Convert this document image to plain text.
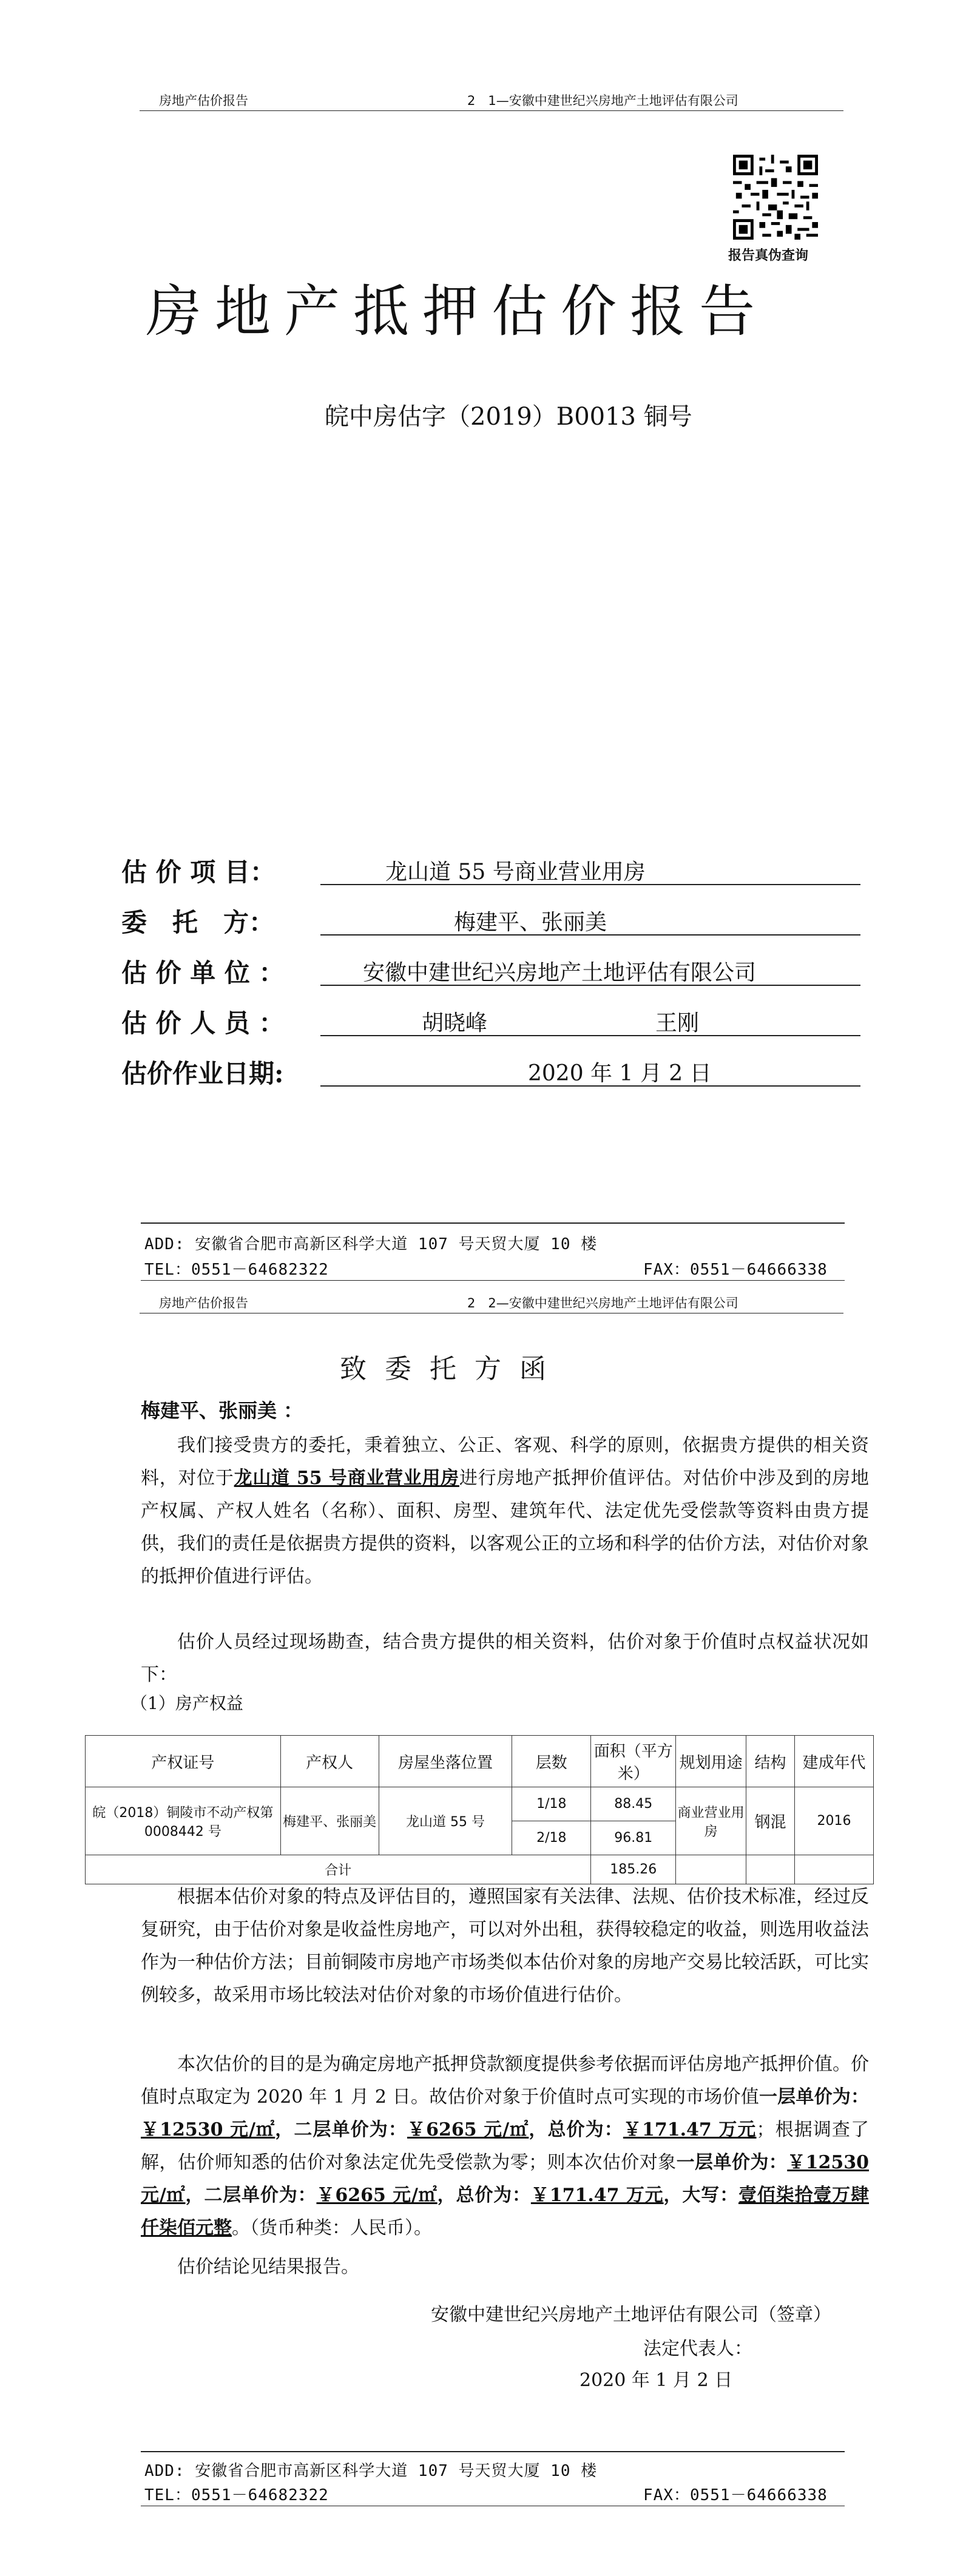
房地产估价报告	2　1—安徽中建世纪兴房地产土地评估有限公司
报告真伪查询
房地产抵押估价报告
皖中房估字（2019）B0013 铜号
估 价 项 目：	龙山道 55 号商业营业用房
委　托　方：	梅建平、张丽美
估 价 单 位 ：	安徽中建世纪兴房地产土地评估有限公司
估 价 人 员 ：	胡晓峰	王刚
估价作业日期:	2020 年 1 月 2 日
ADD: 安徽省合肥市高新区科学大道 107 号天贸大厦 10 楼
TEL：0551－64682322	FAX：0551－64666338
房地产估价报告	2　2—安徽中建世纪兴房地产土地评估有限公司
致委托方函
梅建平、张丽美 ：

我们接受贵方的委托，秉着独立、公正、客观、科学的原则，依据贵方提供的相关资料，对位于龙山道 55 号商业营业用房进行房地产抵押价值评估。对估价中涉及到的房地产权属、产权人姓名（名称）、面积、房型、建筑年代、法定优先受偿款等资料由贵方提供，我们的责任是依据贵方提供的资料，以客观公正的立场和科学的估价方法，对估价对象的抵押价值进行评估。

估价人员经过现场勘查，结合贵方提供的相关资料，估价对象于价值时点权益状况如下：

（1）房产权益
产权证号	产权人	房屋坐落位置	层数	面积（平方米）	规划用途	结构	建成年代
皖（2018）铜陵市不动产权第 0008442 号	梅建平、张丽美	龙山道 55 号	1/18	88.45	商业营业用房	钢混	2016
			2/18	96.81			
合计				185.26			

根据本估价对象的特点及评估目的，遵照国家有关法律、法规、估价技术标准，经过反复研究，由于估价对象是收益性房地产，可以对外出租，获得较稳定的收益，则选用收益法作为一种估价方法；目前铜陵市房地产市场类似本估价对象的房地产交易比较活跃，可比实例较多，故采用市场比较法对估价对象的市场价值进行估价。

本次估价的目的是为确定房地产抵押贷款额度提供参考依据而评估房地产抵押价值。价值时点取定为 2020 年 1 月 2 日。故估价对象于价值时点可实现的市场价值一层单价为：￥12530 元/㎡，二层单价为：￥6265 元/㎡，总价为：￥171.47 万元；根据调查了解，估价师知悉的估价对象法定优先受偿款为零；则本次估价对象一层单价为：￥12530 元/㎡，二层单价为：￥6265 元/㎡，总价为：￥171.47 万元，大写：壹佰柒拾壹万肆仟柒佰元整。（货币种类：人民币）。

估价结论见结果报告。

安徽中建世纪兴房地产土地评估有限公司（签章）
法定代表人：
2020 年 1 月 2 日
ADD: 安徽省合肥市高新区科学大道 107 号天贸大厦 10 楼
TEL：0551－64682322	FAX：0551－64666338
